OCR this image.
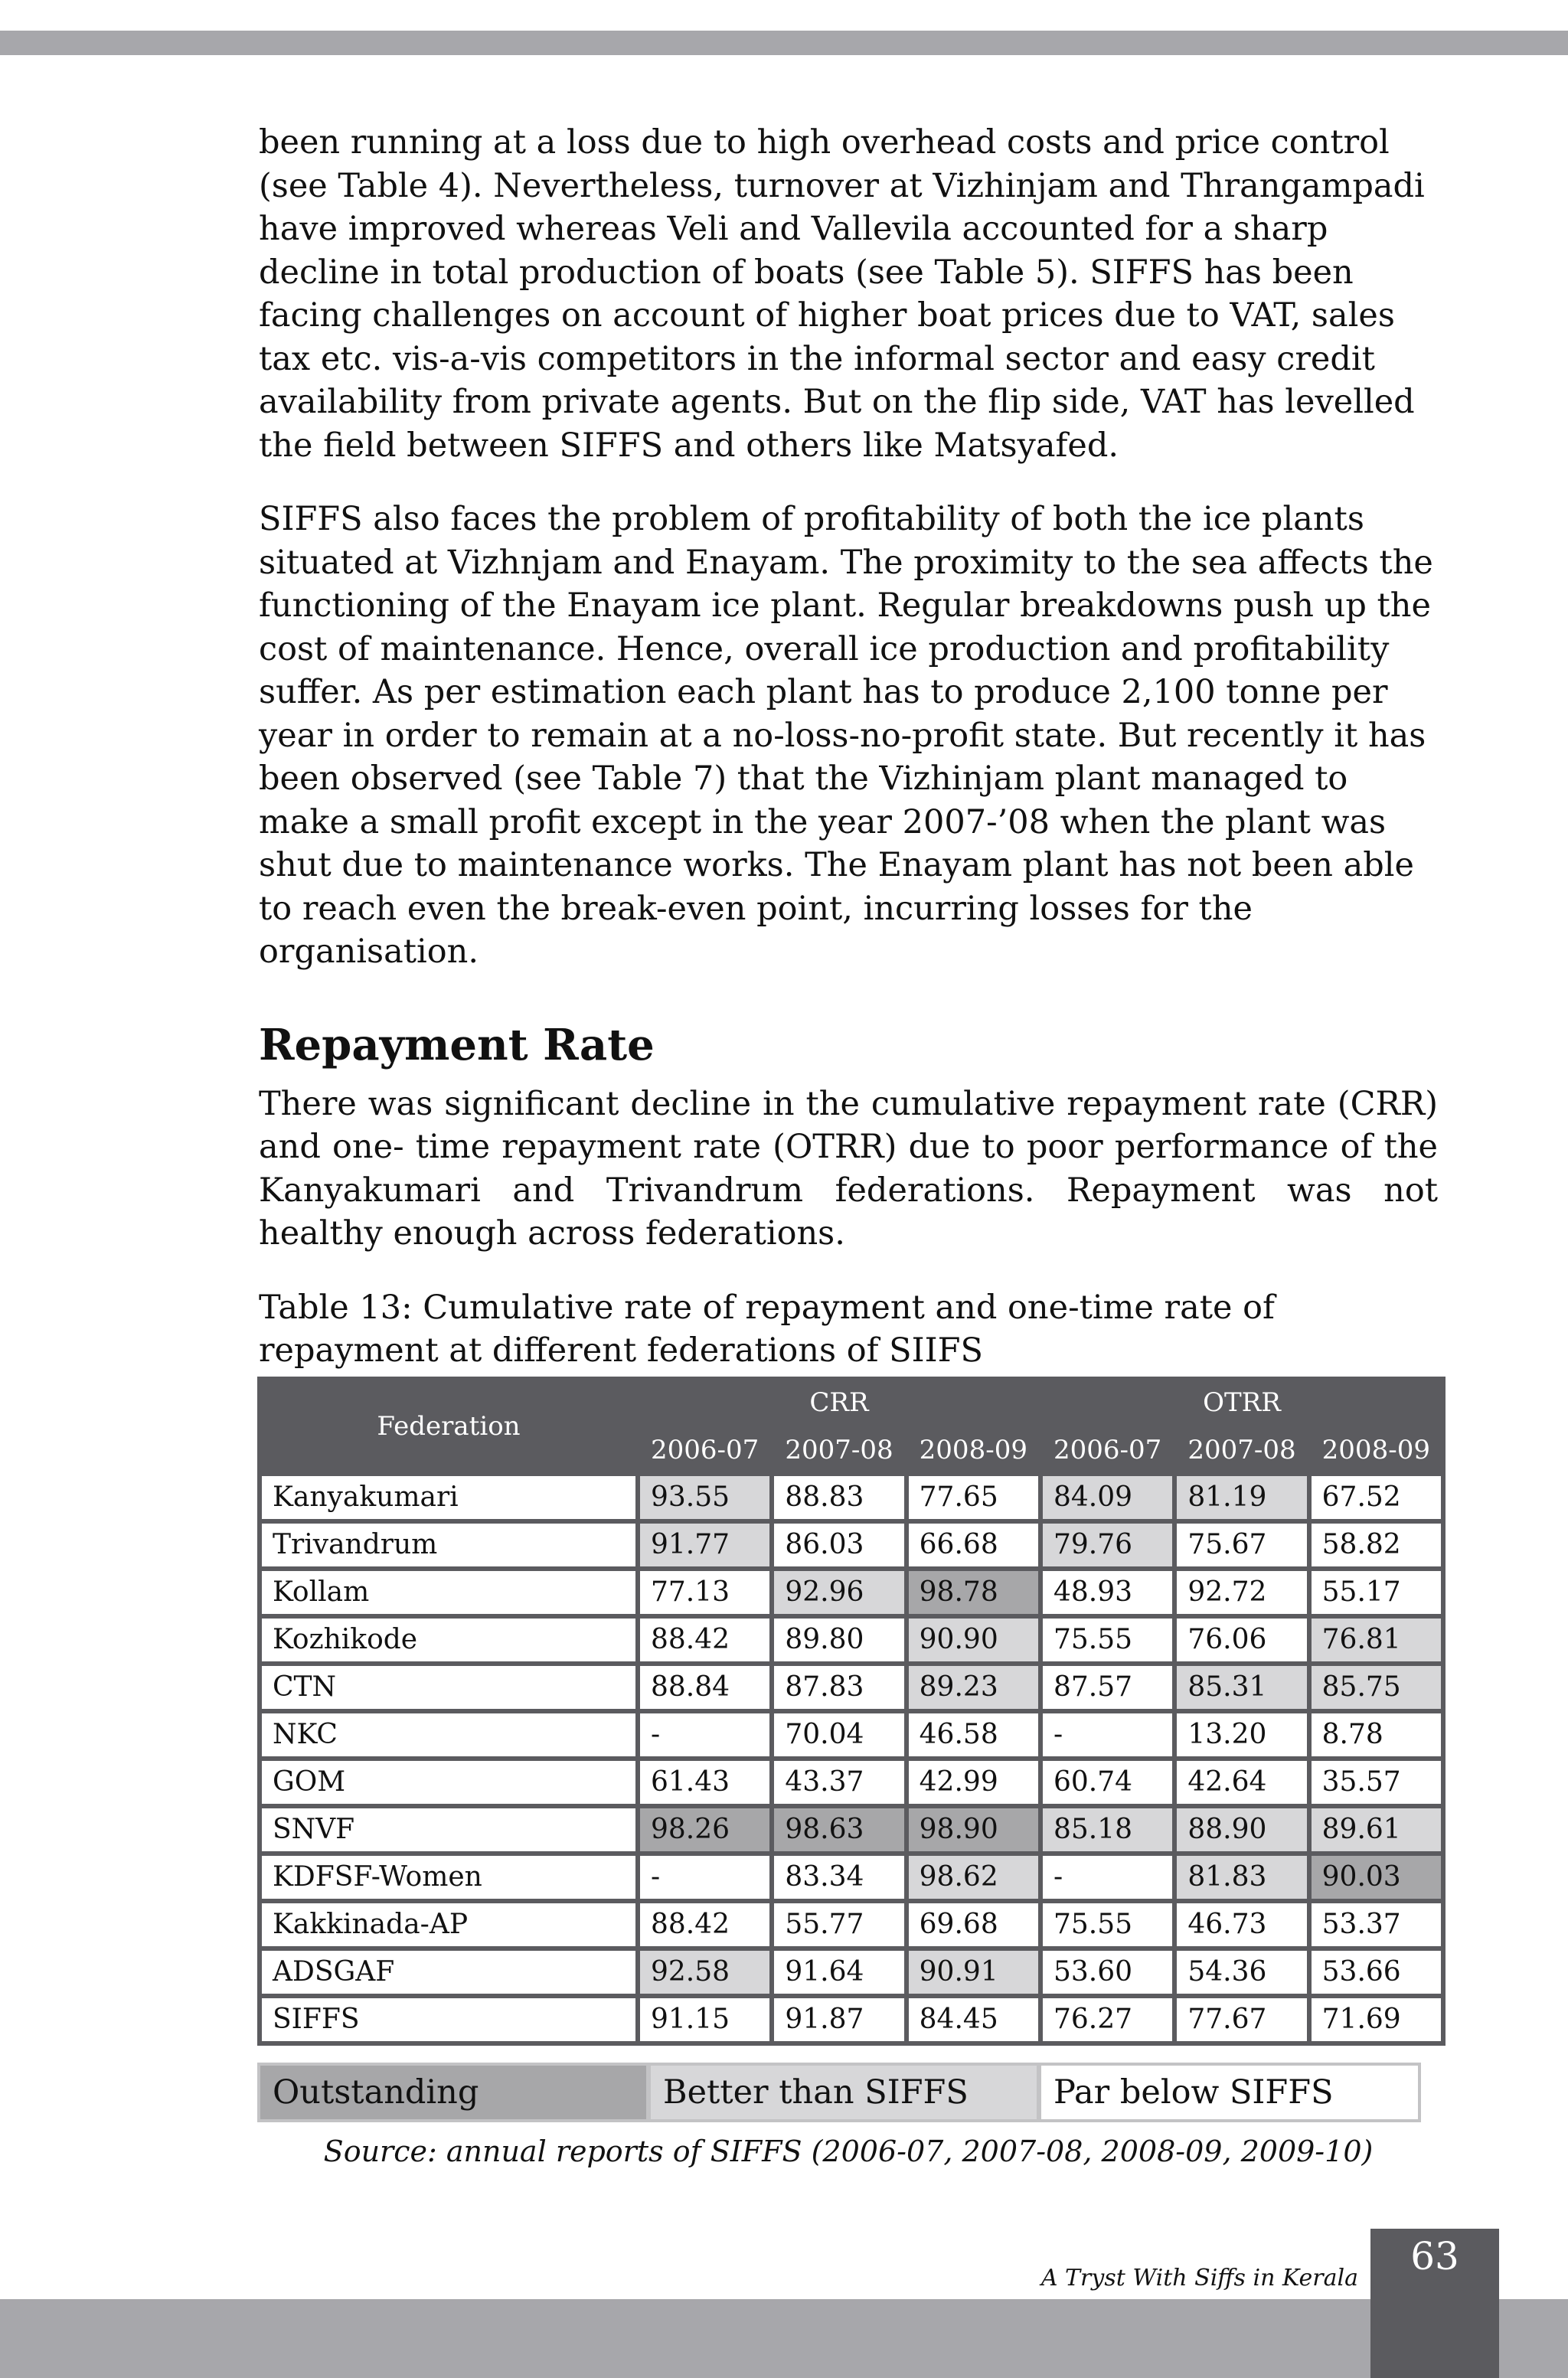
been running at a loss due to high overhead costs and price control (see Table 4). Nevertheless, turnover at Vizhinjam and Thrangampadi have improved whereas Veli and Vallevila accounted for a sharp decline in total production of boats (see Table 5). SIFFS has been facing challenges on account of higher boat prices due to VAT, sales tax etc. vis-a-vis competitors in the informal sector and easy credit availability from private agents. But on the flip side, VAT has levelled the field between SIFFS and others like Matsyafed.

SIFFS also faces the problem of profitability of both the ice plants situated at Vizhnjam and Enayam. The proximity to the sea affects the functioning of the Enayam ice plant. Regular breakdowns push up the cost of maintenance. Hence, overall ice production and profitability suffer. As per estimation each plant has to produce 2,100 tonne per year in order to remain at a no-loss-no-profit state. But recently it has been observed (see Table 7) that the Vizhinjam plant managed to make a small profit except in the year 2007-’08 when the plant was shut due to maintenance works. The Enayam plant has not been able to reach even the break-even point, incurring losses for the organisation.

Repayment Rate

There was significant decline in the cumulative repayment rate (CRR) and one- time repayment rate (OTRR) due to poor performance of the Kanyakumari and Trivandrum federations. Repayment was not healthy enough across federations.

Table 13: Cumulative rate of repayment and one-time rate of repayment at different federations of SIIFS
Federation	CRR			OTRR		
	2006-07	2007-08	2008-09	2006-07	2007-08	2008-09
Kanyakumari	93.55	88.83	77.65	84.09	81.19	67.52
Trivandrum	91.77	86.03	66.68	79.76	75.67	58.82
Kollam	77.13	92.96	98.78	48.93	92.72	55.17
Kozhikode	88.42	89.80	90.90	75.55	76.06	76.81
CTN	88.84	87.83	89.23	87.57	85.31	85.75
NKC	-	70.04	46.58	-	13.20	8.78
GOM	61.43	43.37	42.99	60.74	42.64	35.57
SNVF	98.26	98.63	98.90	85.18	88.90	89.61
KDFSF-Women	-	83.34	98.62	-	81.83	90.03
Kakkinada-AP	88.42	55.77	69.68	75.55	46.73	53.37
ADSGAF	92.58	91.64	90.91	53.60	54.36	53.66
SIFFS	91.15	91.87	84.45	76.27	77.67	71.69
Outstanding	Better than SIFFS	Par below SIFFS
Source: annual reports of SIFFS (2006-07, 2007-08, 2008-09, 2009-10)
A Tryst With Siffs in Kerala	63
